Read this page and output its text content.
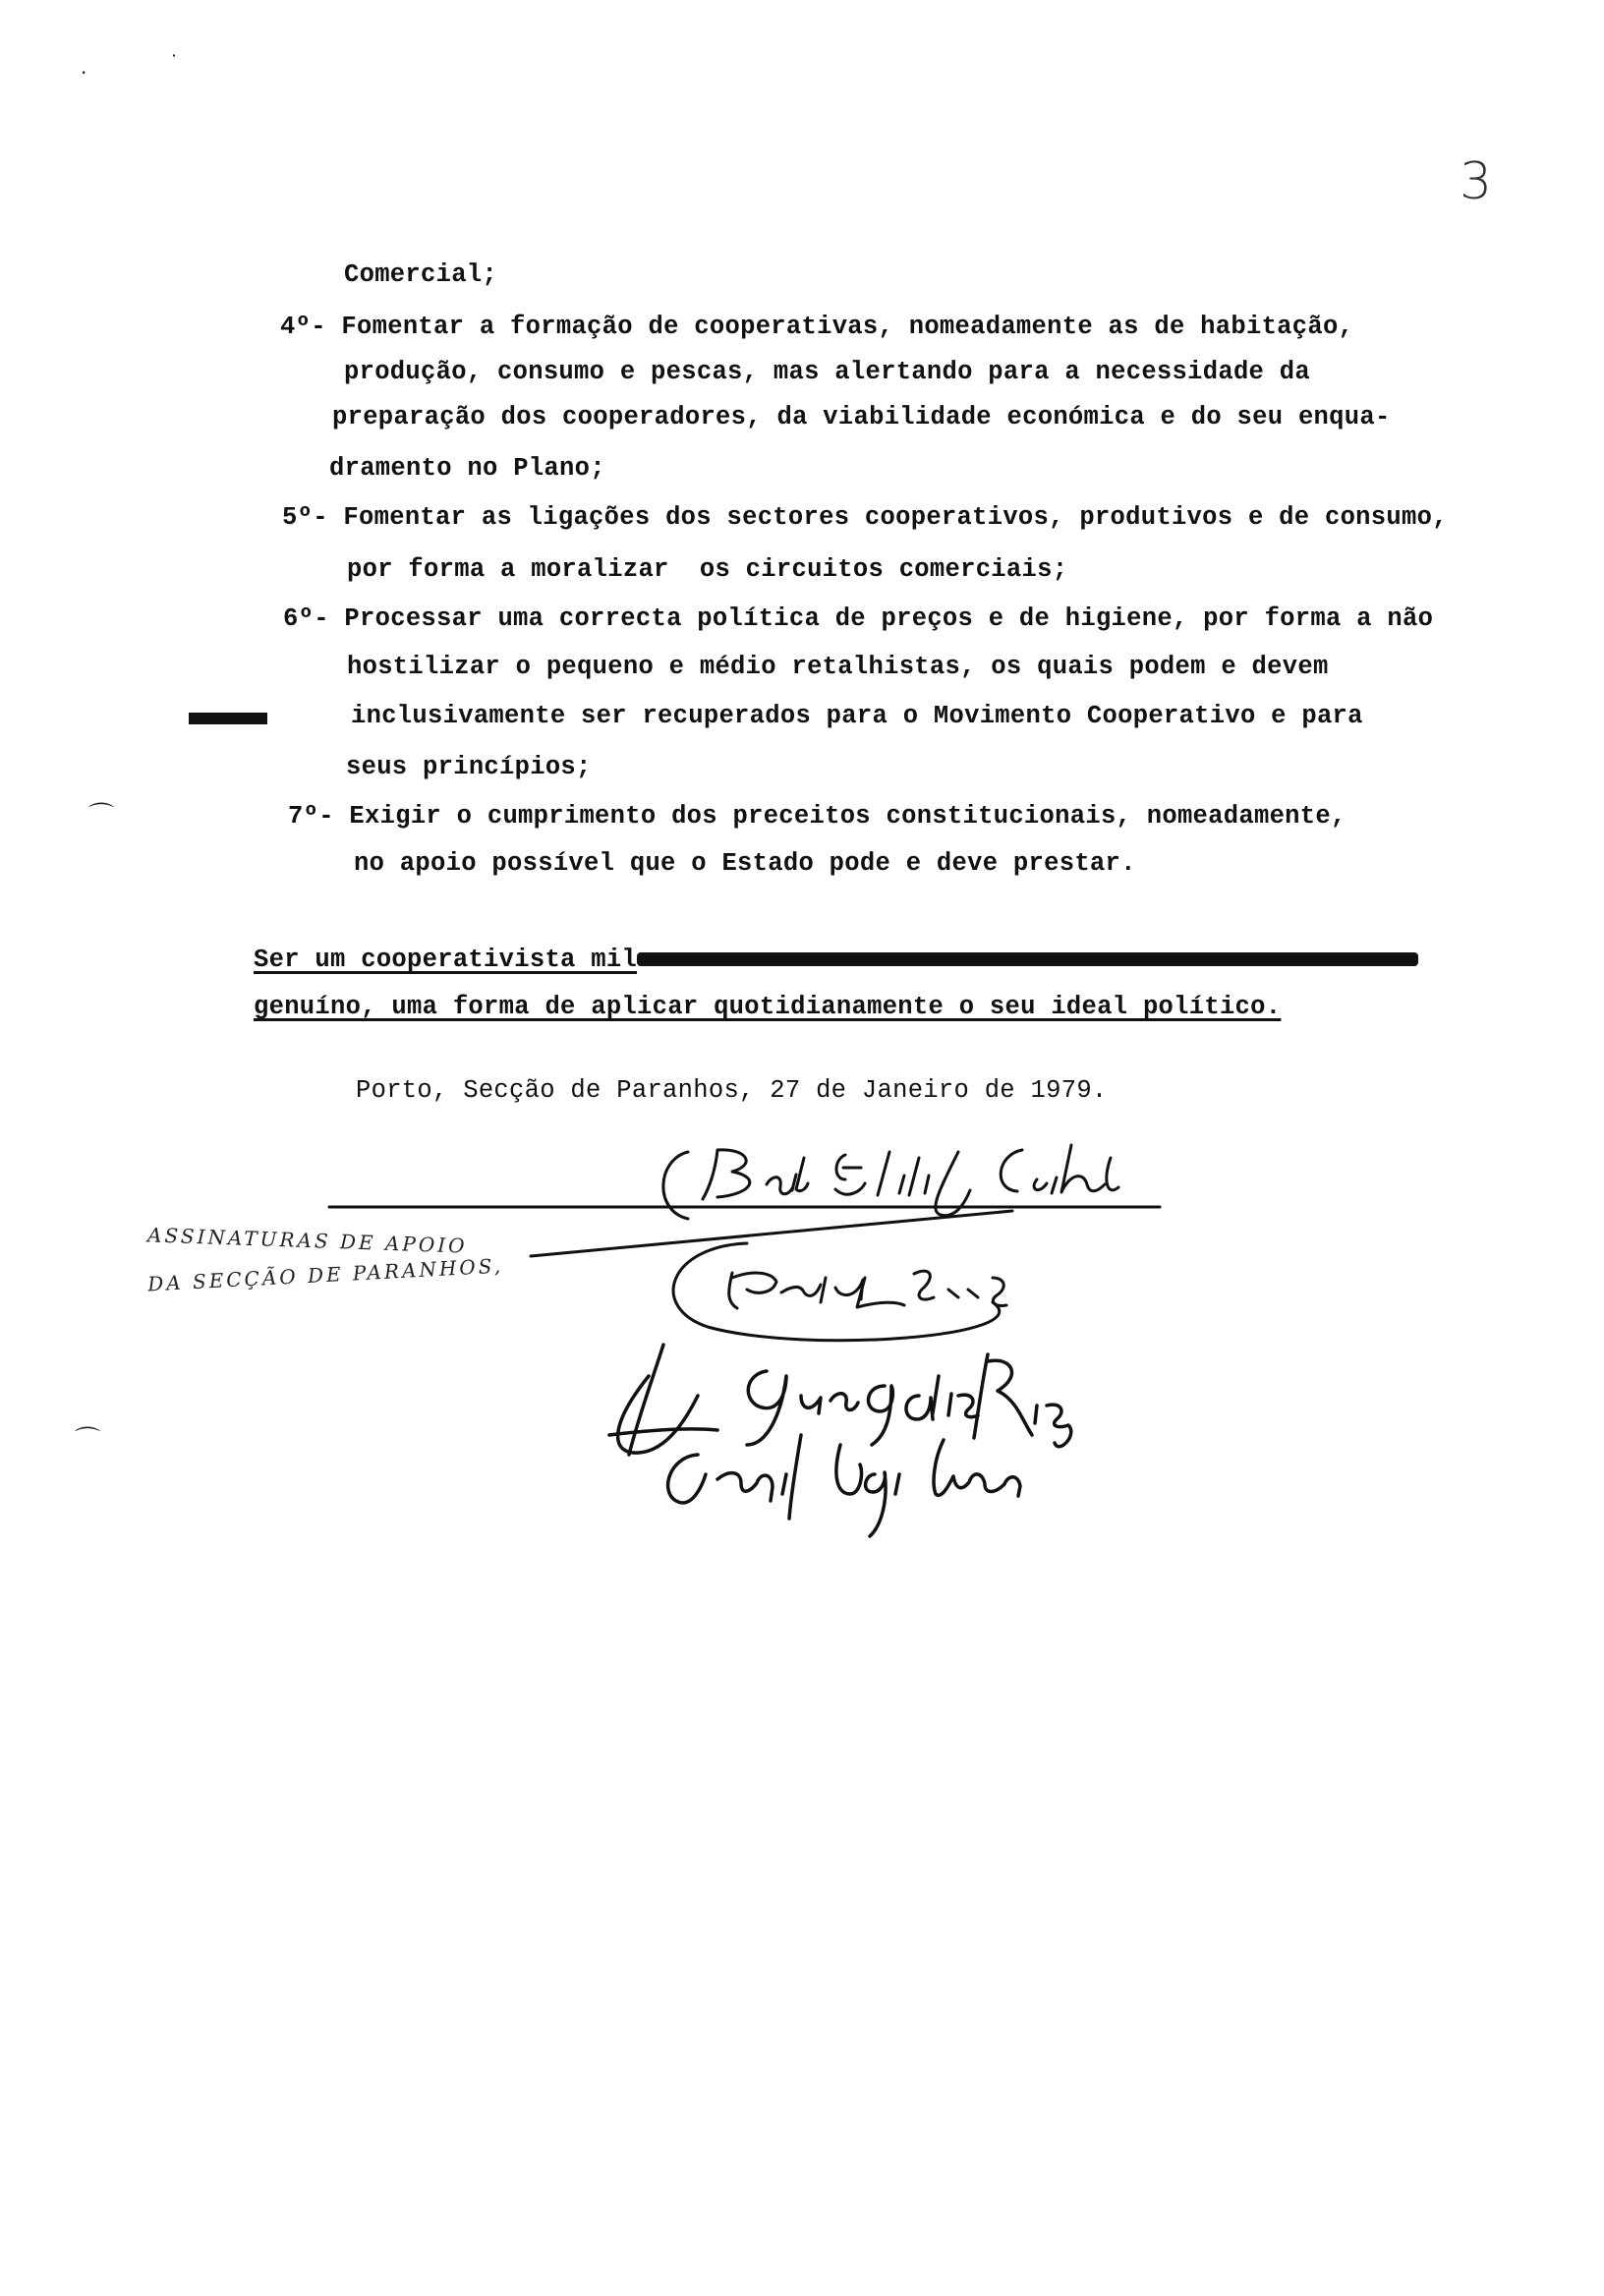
·	˙
3
Comercial;
4º- Fomentar a formação de cooperativas, nomeadamente as de habitação,
produção, consumo e pescas, mas alertando para a necessidade da
preparação dos cooperadores, da viabilidade económica e do seu enqua-
dramento no Plano;
5º- Fomentar as ligações dos sectores cooperativos, produtivos e de consumo,
por forma a moralizar  os circuitos comerciais;
6º- Processar uma correcta política de preços e de higiene, por forma a não
hostilizar o pequeno e médio retalhistas, os quais podem e devem
inclusivamente ser recuperados para o Movimento Cooperativo e para
seus princípios;
7º- Exigir o cumprimento dos preceitos constitucionais, nomeadamente,
no apoio possível que o Estado pode e deve prestar.
⌒
⌒
Ser um cooperativista mil
genuíno, uma forma de aplicar quotidianamente o seu ideal político.
Porto, Secção de Paranhos, 27 de Janeiro de 1979.
ASSINATURAS DE APOIO
DA SECÇÃO DE PARANHOS,
